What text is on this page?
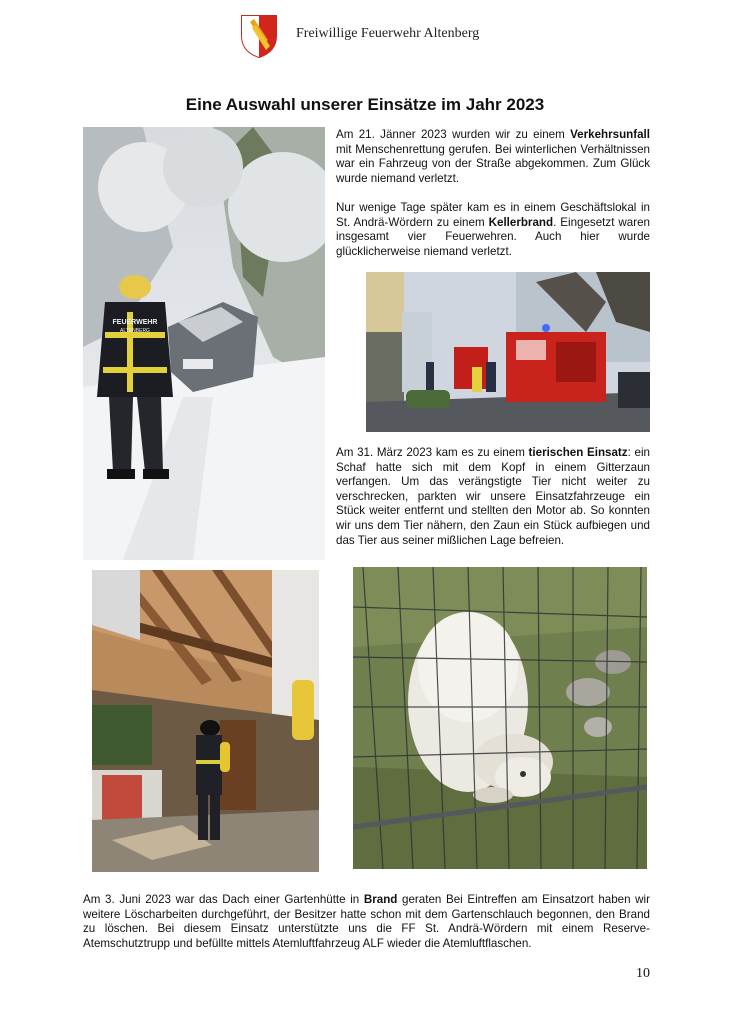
Freiwillige Feuerwehr Altenberg
Eine Auswahl unserer Einsätze im Jahr 2023
FEUERWEHR
ALTENBERG
Am 21. Jänner 2023 wurden wir zu einem Verkehrsunfall mit Menschenrettung gerufen. Bei winterlichen Verhältnissen war ein Fahrzeug von der Straße abgekommen. Zum Glück wurde niemand verletzt.
Nur wenige Tage später kam es in einem Geschäftslokal in St. Andrä-Wördern zu einem Kellerbrand. Eingesetzt waren insgesamt vier Feuerwehren. Auch hier wurde glücklicherweise niemand verletzt.
Am 31. März 2023 kam es zu einem tierischen Einsatz: ein Schaf hatte sich mit dem Kopf in einem Gitterzaun verfangen. Um das verängstigte Tier nicht weiter zu verschrecken, parkten wir unsere Einsatzfahrzeuge ein Stück weiter entfernt und stellten den Motor ab. So konnten wir uns dem Tier nähern, den Zaun ein Stück aufbiegen und das Tier aus seiner mißlichen Lage befreien.
Am 3. Juni 2023 war das Dach einer Gartenhütte in Brand geraten Bei Eintreffen am Einsatzort haben wir weitere Löscharbeiten durchgeführt, der Besitzer hatte schon mit dem Gartenschlauch begonnen, den Brand zu löschen. Bei diesem Einsatz unterstützte uns die FF St. Andrä-Wördern mit einem Reserve-Atemschutztrupp und befüllte mittels Atemluftfahrzeug ALF wieder die Atemluftflaschen.
10
